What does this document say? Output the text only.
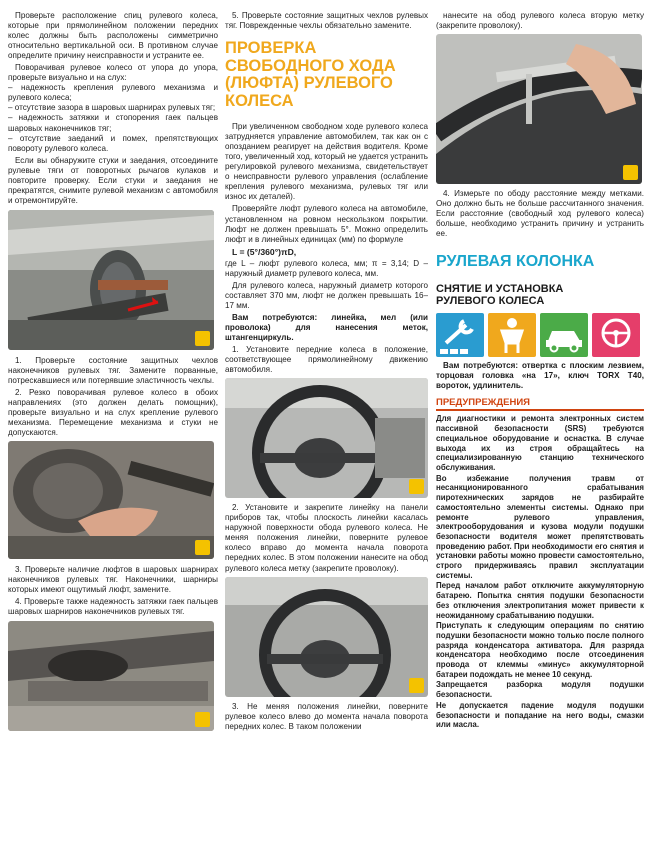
Проверьте расположение спиц рулевого колеса, которые при прямолинейном положении передних колес должны быть расположены симметрично относительно вертикальной оси. В противном случае определите причину неисправности и устраните ее.

Поворачивая рулевое колесо от упора до упора, проверьте визуально и на слух:
– надежность крепления рулевого механизма и рулевого колеса;
– отсутствие зазора в шаровых шарнирах рулевых тяг;
– надежность затяжки и стопорения гаек пальцев шаровых наконечников тяг;
– отсутствие заеданий и помех, препятствующих повороту рулевого колеса.

Если вы обнаружите стуки и заедания, отсоедините рулевые тяги от поворотных рычагов кулаков и повторите проверку. Если стуки и заедания не прекратятся, снимите рулевой механизм с автомобиля и отремонтируйте.

1. Проверьте состояние защитных чехлов наконечников рулевых тяг. Замените порванные, потрескавшиеся или потерявшие эластичность чехлы.

2. Резко поворачивая рулевое колесо в обоих направлениях (это должен делать помощник), проверьте визуально и на слух крепление рулевого механизма. Перемещение механизма и стуки не допускаются.

3. Проверьте наличие люфтов в шаровых шарнирах наконечников рулевых тяг. Наконечники, шарниры которых имеют ощутимый люфт, замените.

4. Проверьте также надежность затяжки гаек пальцев шаровых шарниров наконечников рулевых тяг.

5. Проверьте состояние защитных чехлов рулевых тяг. Поврежденные чехлы обязательно замените.

ПРОВЕРКА СВОБОДНОГО ХОДА (ЛЮФТА) РУЛЕВОГО КОЛЕСА

При увеличенном свободном ходе рулевого колеса затрудняется управление автомобилем, так как он с опозданием реагирует на действия водителя. Кроме того, увеличенный ход, который не удается устранить регулировкой рулевого механизма, свидетельствует о неисправности рулевого управления (ослабление крепления рулевого механизма, рулевых тяг или износ их деталей).

Проверяйте люфт рулевого колеса на автомобиле, установленном на ровном нескользком покрытии. Люфт не должен превышать 5°. Можно определить люфт и в линейных единицах (мм) по формуле

L = (5°/360°)πD,

где L – люфт рулевого колеса, мм; π = 3,14; D – наружный диаметр рулевого колеса, мм.

Для рулевого колеса, наружный диаметр которого составляет 370 мм, люфт не должен превышать 16–17 мм.

Вам потребуются: линейка, мел (или проволока) для нанесения меток, штангенциркуль.

1. Установите передние колеса в положение, соответствующее прямолинейному движению автомобиля.

2. Установите и закрепите линейку на панели приборов так, чтобы плоскость линейки касалась наружной поверхности обода рулевого колеса. Не меняя положения линейки, поверните рулевое колесо вправо до момента начала поворота передних колес. В этом положении нанесите на обод рулевого колеса метку (закрепите проволоку).

3. Не меняя положения линейки, поверните рулевое колесо влево до момента начала поворота передних колес. В таком положении

нанесите на обод рулевого колеса вторую метку (закрепите проволоку).

4. Измерьте по ободу расстояние между метками. Оно должно быть не больше рассчитанного значения. Если расстояние (свободный ход рулевого колеса) больше, необходимо устранить причину и устранить ее.

РУЛЕВАЯ КОЛОНКА
СНЯТИЕ И УСТАНОВКА РУЛЕВОГО КОЛЕСА

Вам потребуются: отвертка с плоским лезвием, торцовая головка «на 17», ключ TORX T40, вороток, удлинитель.

ПРЕДУПРЕЖДЕНИЯ

Для диагностики и ремонта электронных систем пассивной безопасности (SRS) требуются специальное оборудование и оснастка. В случае выхода их из строя обращайтесь на специализированную станцию технического обслуживания.

Во избежание получения травм от несанкционированного срабатывания пиротехнических зарядов не разбирайте самостоятельно элементы системы. Однако при ремонте рулевого управления, электрооборудования и кузова модули подушки безопасности водителя может препятствовать проведению работ. При необходимости его снятия и установки работы можно провести самостоятельно, строго придерживаясь правил эксплуатации системы.

Перед началом работ отключите аккумуляторную батарею. Попытка снятия подушки безопасности без отключения электропитания может привести к неожиданному срабатыванию подушки.

Приступать к следующим операциям по снятию подушки безопасности можно только после полного разряда конденсатора активатора. Для разряда конденсатора необходимо после отсоединения провода от клеммы «минус» аккумуляторной батареи подождать не менее 10 секунд.

Запрещается разборка модуля подушки безопасности.

Не допускается падение модуля подушки безопасности и попадание на него воды, смазки или масла.
